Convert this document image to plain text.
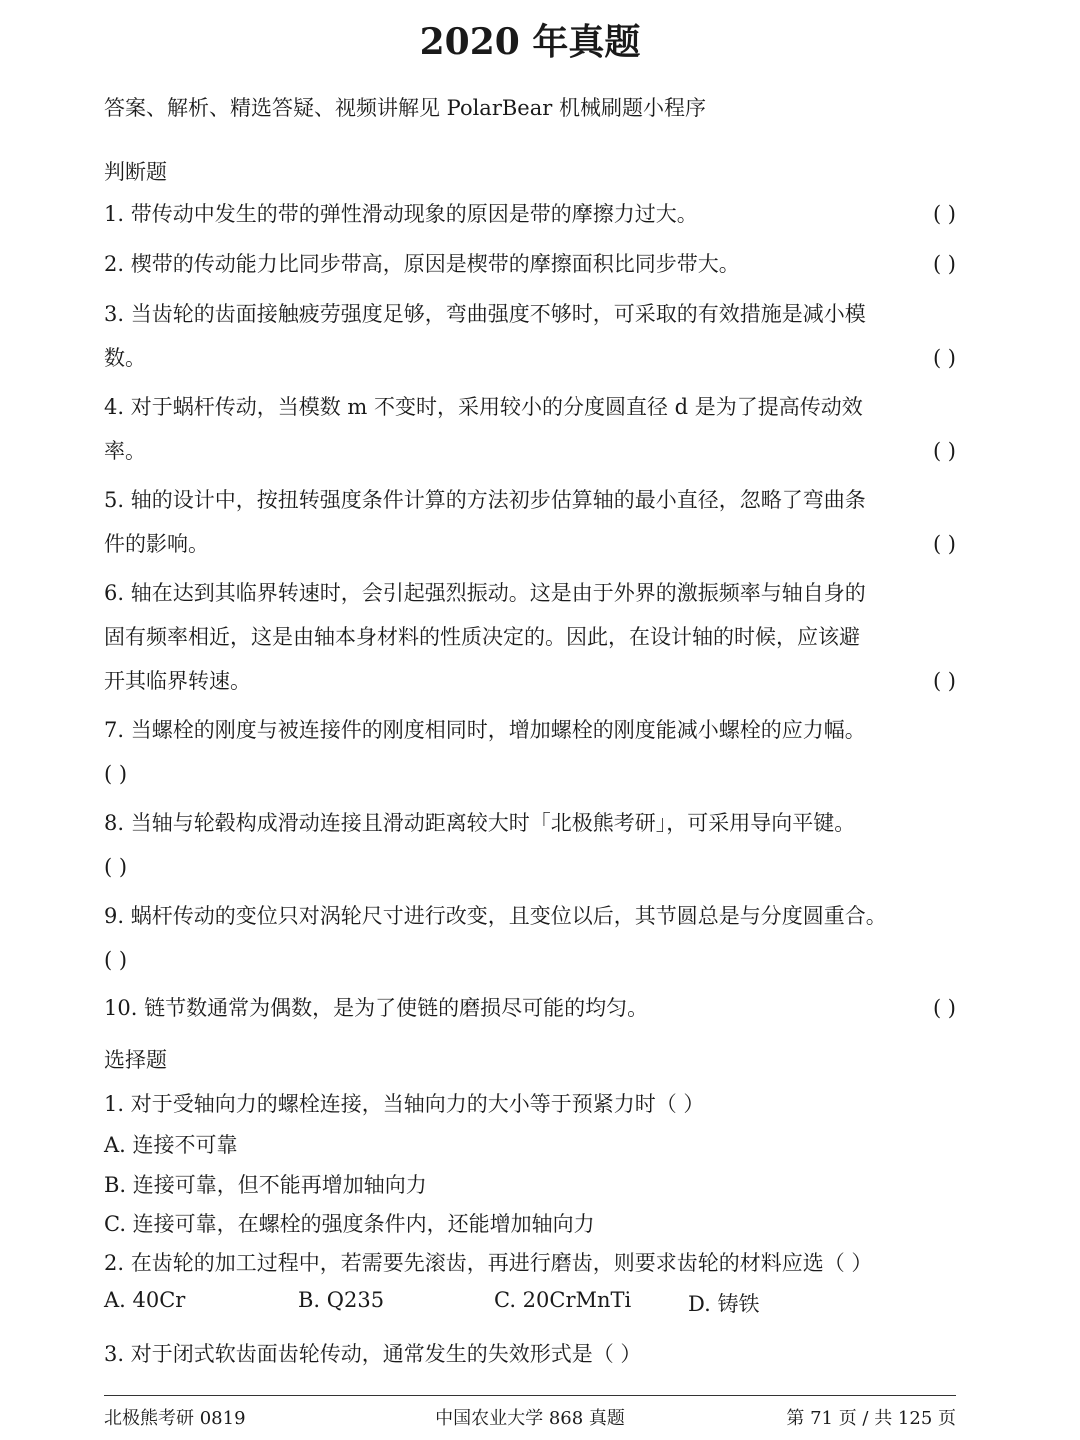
2020 年真题
答案、解析、精选答疑、视频讲解见 PolarBear 机械刷题小程序
判断题
1. 带传动中发生的带的弹性滑动现象的原因是带的摩擦力过大。	( )
2. 楔带的传动能力比同步带高，原因是楔带的摩擦面积比同步带大。	( )
3. 当齿轮的齿面接触疲劳强度足够，弯曲强度不够时，可采取的有效措施是减小模
数。	( )
4. 对于蜗杆传动，当模数 m 不变时，采用较小的分度圆直径 d 是为了提高传动效
率。	( )
5. 轴的设计中，按扭转强度条件计算的方法初步估算轴的最小直径，忽略了弯曲条
件的影响。	( )
6. 轴在达到其临界转速时，会引起强烈振动。这是由于外界的激振频率与轴自身的
固有频率相近，这是由轴本身材料的性质决定的。因此，在设计轴的时候，应该避
开其临界转速。	( )
7. 当螺栓的刚度与被连接件的刚度相同时，增加螺栓的刚度能减小螺栓的应力幅。
( )
8. 当轴与轮毂构成滑动连接且滑动距离较大时「北极熊考研」，可采用导向平键。
( )
9. 蜗杆传动的变位只对涡轮尺寸进行改变，且变位以后，其节圆总是与分度圆重合。
( )
10. 链节数通常为偶数，是为了使链的磨损尽可能的均匀。	( )
选择题
1. 对于受轴向力的螺栓连接，当轴向力的大小等于预紧力时（ ）
A. 连接不可靠
B. 连接可靠，但不能再增加轴向力
C. 连接可靠，在螺栓的强度条件内，还能增加轴向力
2. 在齿轮的加工过程中，若需要先滚齿，再进行磨齿，则要求齿轮的材料应选（ ）
A. 40Cr	B. Q235	C. 20CrMnTi	D. 铸铁
3. 对于闭式软齿面齿轮传动，通常发生的失效形式是（ ）
北极熊考研 0819	中国农业大学 868 真题	第 71 页 / 共 125 页
